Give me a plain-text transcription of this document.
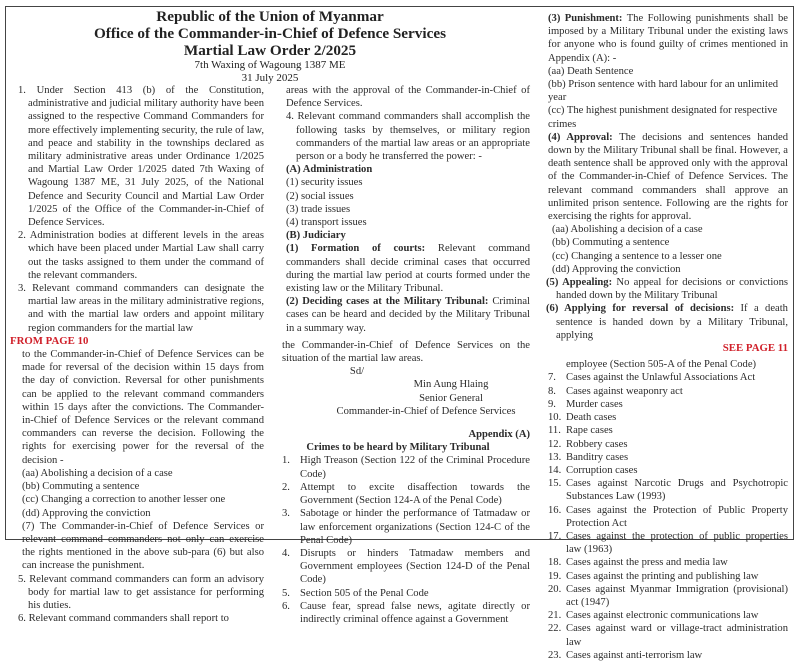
Republic of the Union of Myanmar
Office of the Commander-in-Chief of Defence Services
Martial Law Order 2/2025
7th Waxing of Wagoung 1387 ME
31 July 2025
1. Under Section 413 (b) of the Constitution, administrative and judicial military authority have been assigned to the respective Command Commanders for more effectively implementing security, the rule of law, and peace and stability in the townships declared as military administrative areas under Ordinance 1/2025 and Martial Law Order 1/2025 dated 7th Waxing of Wagoung 1387 ME, 31 July 2025, of the National Defence and Security Council and Martial Law Order 1/2025 of the Office of the Commander-in-Chief of Defence Services.
2. Administration bodies at different levels in the areas which have been placed under Martial Law shall carry out the tasks assigned to them under the command of the relevant commanders.
3. Relevant command commanders can designate the martial law areas in the military administrative regions, and with the martial law orders and appoint military region commanders for the martial law
FROM PAGE 10
to the Commander-in-Chief of Defence Services can be made for reversal of the decision within 15 days from the day of conviction. Reversal for other punishments can be applied to the relevant command commanders within 15 days after the convictions. The Commander-in-Chief of Defence Services or the relevant command commanders can reverse the decision. Following the rights for exercising power for the reversal of the decision -
(aa) Abolishing a decision of a case
(bb) Commuting a sentence
(cc) Changing a correction to another lesser one
(dd) Approving the conviction
(7) The Commander-in-Chief of Defence Services or relevant command commanders not only can exercise the rights mentioned in the above sub-para (6) but also can increase the punishment.
5. Relevant command commanders can form an advisory body for martial law to get assistance for performing his duties.
6. Relevant command commanders shall report to
areas with the approval of the Commander-in-Chief of Defence Services.
4. Relevant command commanders shall accomplish the following tasks by themselves, or military region commanders of the martial law areas or an appropriate person or a body he transferred the power: -
(A) Administration
(1) security issues
(2) social issues
(3) trade issues
(4) transport issues
(B) Judiciary
(1) Formation of courts: Relevant command commanders shall decide criminal cases that occurred during the martial law period at courts formed under the existing law or the Military Tribunal.
(2) Deciding cases at the Military Tribunal: Criminal cases can be heard and decided by the Military Tribunal in a summary way.
the Commander-in-Chief of Defence Services on the situation of the martial law areas.
Sd/
Min Aung Hlaing
Senior General
Commander-in-Chief of Defence Services
Appendix (A)
Crimes to be heard by Military Tribunal
1. High Treason (Section 122 of the Criminal Procedure Code)
2. Attempt to excite disaffection towards the Government (Section 124-A of the Penal Code)
3. Sabotage or hinder the performance of Tatmadaw or law enforcement organizations (Section 124-C of the Penal Code)
4. Disrupts or hinders Tatmadaw members and Government employees (Section 124-D of the Penal Code)
5. Section 505 of the Penal Code
6. Cause fear, spread false news, agitate directly or indirectly criminal offence against a Government
(3) Punishment: The Following punishments shall be imposed by a Military Tribunal under the existing laws for anyone who is found guilty of crimes mentioned in Appendix (A): -
(aa) Death Sentence
(bb) Prison sentence with hard labour for an unlimited year
(cc) The highest punishment designated for respective crimes
(4) Approval: The decisions and sentences handed down by the Military Tribunal shall be final. However, a death sentence shall be approved only with the approval of the Commander-in-Chief of Defence Services. The relevant command commanders shall approve an unlimited prison sentence. Following are the rights for exercising the rights for approval.
(aa) Abolishing a decision of a case
(bb) Commuting a sentence
(cc) Changing a sentence to a lesser one
(dd) Approving the conviction
(5) Appealing: No appeal for decisions or convictions handed down by the Military Tribunal
(6) Applying for reversal of decisions: If a death sentence is handed down by a Military Tribunal, applying
SEE PAGE 11
employee (Section 505-A of the Penal Code)
7. Cases against the Unlawful Associations Act
8. Cases against weaponry act
9. Murder cases
10. Death cases
11. Rape cases
12. Robbery cases
13. Banditry cases
14. Corruption cases
15. Cases against Narcotic Drugs and Psychotropic Substances Law (1993)
16. Cases against the Protection of Public Property Protection Act
17. Cases against the protection of public properties law (1963)
18. Cases against the press and media law
19. Cases against the printing and publishing law
20. Cases against Myanmar Immigration (provisional) act (1947)
21. Cases against electronic communications law
22. Cases against ward or village-tract administration law
23. Cases against anti-terrorism law
